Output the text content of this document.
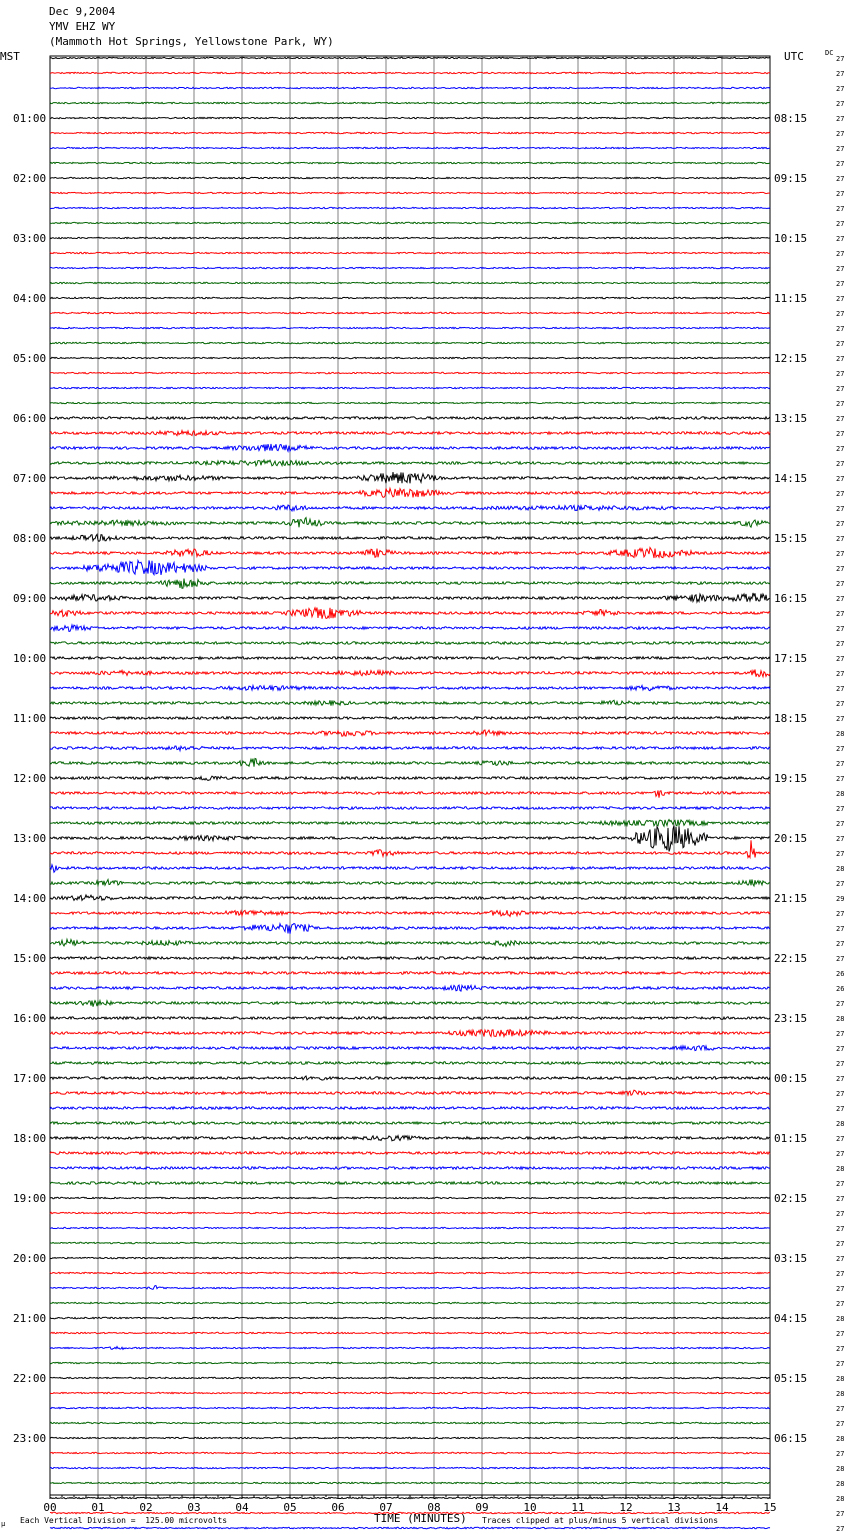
Dec 9,2004
YMV EHZ WY
(Mammoth Hot Springs, Yellowstone Park, WY)
MST	UTC	DC
27
27
27
27
27
27
27
27
27
27
27
27
27
27
27
27
27
27
27
27
27
27
27
27
27
27
27
27
27
27
27
27
27
27
27
27
27
27
27
27
27
27
27
27
27
28
27
27
27
28
27
27
27
27
28
27
29
27
27
27
27
26
26
27
28
27
27
27
27
27
27
28
27
27
28
27
27
27
27
27
27
27
27
27
28
27
27
27
28
28
27
27
28
27
28
28
28
27
27
01:00
02:00
03:00
04:00
05:00
06:00
07:00
08:00
09:00
10:00
11:00
12:00
13:00
14:00
15:00
16:00
17:00
18:00
19:00
20:00
21:00
22:00
23:00
08:15
09:15
10:15
11:15
12:15
13:15
14:15
15:15
16:15
17:15
18:15
19:15
20:15
21:15
22:15
23:15
00:15
01:15
02:15
03:15
04:15
05:15
06:15
00	01	02	03	04	05	06	07	08	09	10	11	12	13	14	15
μ Each Vertical Division =  125.00 microvolts	TIME (MINUTES) Traces clipped at plus/minus 5 vertical divisions
